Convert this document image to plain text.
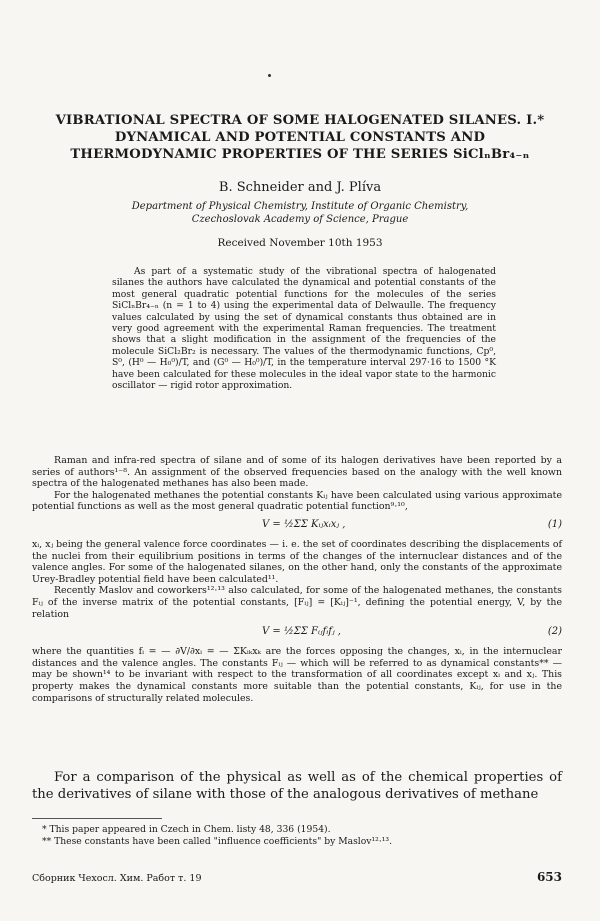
VIBRATIONAL SPECTRA OF SOME HALOGENATED SILANES. I.*
DYNAMICAL AND POTENTIAL CONSTANTS AND
THERMODYNAMIC PROPERTIES OF THE SERIES SiClₙBr₄₋ₙ
B. Schneider and J. Plíva
Department of Physical Chemistry, Institute of Organic Chemistry,
Czechoslovak Academy of Science, Prague
Received November 10th 1953

As part of a systematic study of the vibrational spectra of halogenated silanes the authors have calculated the dynamical and potential constants of the most general quadratic potential functions for the molecules of the series SiClₙBr₄₋ₙ (n = 1 to 4) using the experimental data of Delwaulle. The frequency values calculated by using the set of dynamical constants thus obtained are in very good agreement with the experimental Raman frequencies. The treatment shows that a slight modification in the assignment of the frequencies of the molecule SiCl₂Br₂ is necessary. The values of the thermodynamic functions, Cp⁰, S⁰, (H⁰ — H₀⁰)/T, and (G⁰ — H₀⁰)/T, in the temperature interval 297·16 to 1500 °K have been calculated for these molecules in the ideal vapor state to the harmonic oscillator — rigid rotor approximation.

Raman and infra-red spectra of silane and of some of its halogen derivatives have been reported by a series of authors¹⁻⁸. An assignment of the observed frequencies based on the analogy with the well known spectra of the halogenated methanes has also been made.

For the halogenated methanes the potential constants Kᵢⱼ have been calculated using various approximate potential functions as well as the most general quadratic potential function⁹·¹⁰,

V = ½ΣΣ Kᵢⱼxᵢxⱼ ,	(1)

xᵢ, xⱼ being the general valence force coordinates — i. e. the set of coordinates describing the displacements of the nuclei from their equilibrium positions in terms of the changes of the internuclear distances and of the valence angles. For some of the halogenated silanes, on the other hand, only the constants of the approximate Urey-Bradley potential field have been calculated¹¹.

Recently Maslov and coworkers¹²·¹³ also calculated, for some of the halogenated methanes, the constants Fᵢⱼ of the inverse matrix of the potential constants, [Fᵢⱼ] = [Kᵢⱼ]⁻¹, defining the potential energy, V, by the relation

V = ½ΣΣ Fᵢⱼfᵢfⱼ ,	(2)

where the quantities fᵢ = — ∂V/∂xᵢ = — ΣKᵢₖxₖ are the forces opposing the changes, xᵢ, in the internuclear distances and the valence angles. The constants Fᵢⱼ — which will be referred to as dynamical constants** — may be shown¹⁴ to be invariant with respect to the transformation of all coordinates except xᵢ and xⱼ. This property makes the dynamical constants more suitable than the potential constants, Kᵢⱼ, for use in the comparisons of structurally related molecules.

For a comparison of the physical as well as of the chemical properties of the derivatives of silane with those of the analogous derivatives of methane
* This paper appeared in Czech in Chem. listy 48, 336 (1954).
** These constants have been called "influence coefficients" by Maslov¹²·¹³.
Сборник Чехосл. Хим. Работ т. 19	653
